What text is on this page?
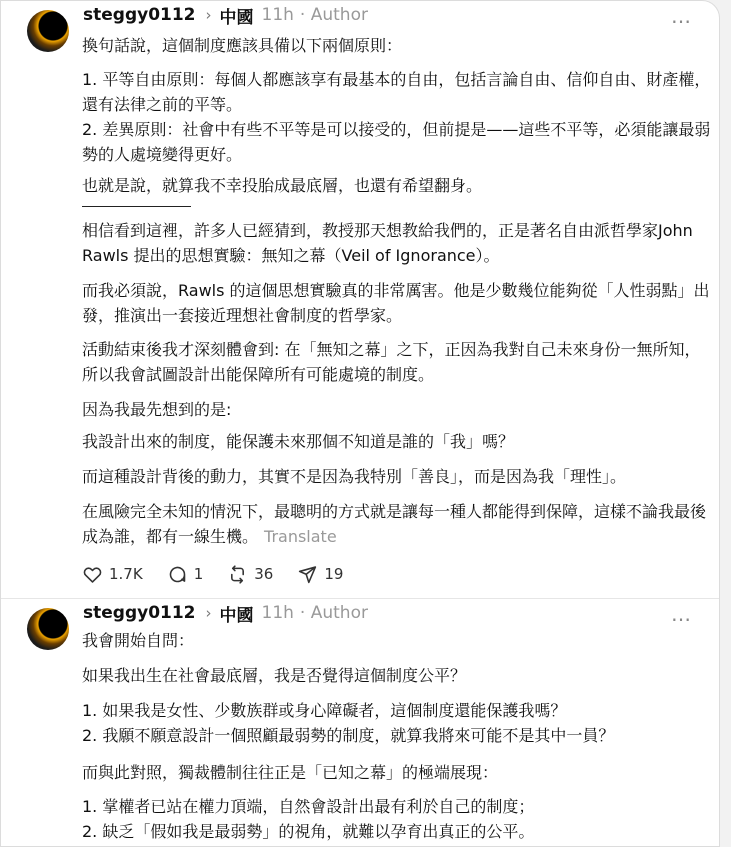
steggy0112 › 中國 11h · Author	…

換句話說，這個制度應該具備以下兩個原則：

1. 平等自由原則：每個人都應該享有最基本的自由，包括言論自由、信仰自由、財產權，還有法律之前的平等。

2. 差異原則：社會中有些不平等是可以接受的，但前提是——這些不平等，必須能讓最弱勢的人處境變得更好。

也就是說，就算我不幸投胎成最底層，也還有希望翻身。

相信看到這裡，許多人已經猜到，教授那天想教給我們的，正是著名自由派哲學家John Rawls 提出的思想實驗：無知之幕（Veil of Ignorance）。

而我必須說，Rawls 的這個思想實驗真的非常厲害。他是少數幾位能夠從「人性弱點」出發，推演出一套接近理想社會制度的哲學家。

活動結束後我才深刻體會到: 在「無知之幕」之下，正因為我對自己未來身份一無所知，所以我會試圖設計出能保障所有可能處境的制度。

因為我最先想到的是:

我設計出來的制度，能保護未來那個不知道是誰的「我」嗎？

而這種設計背後的動力，其實不是因為我特別「善良」，而是因為我「理性」。

在風險完全未知的情況下，最聰明的方式就是讓每一種人都能得到保障，這樣不論我最後成為誰，都有一線生機。 Translate

1.7K	1	36	19
steggy0112 › 中國 11h · Author	…

我會開始自問：

如果我出生在社會最底層，我是否覺得這個制度公平？

1. 如果我是女性、少數族群或身心障礙者，這個制度還能保護我嗎？

2. 我願不願意設計一個照顧最弱勢的制度，就算我將來可能不是其中一員？

而與此對照，獨裁體制往往正是「已知之幕」的極端展現：

1. 掌權者已站在權力頂端，自然會設計出最有利於自己的制度；

2. 缺乏「假如我是最弱勢」的視角，就難以孕育出真正的公平。
